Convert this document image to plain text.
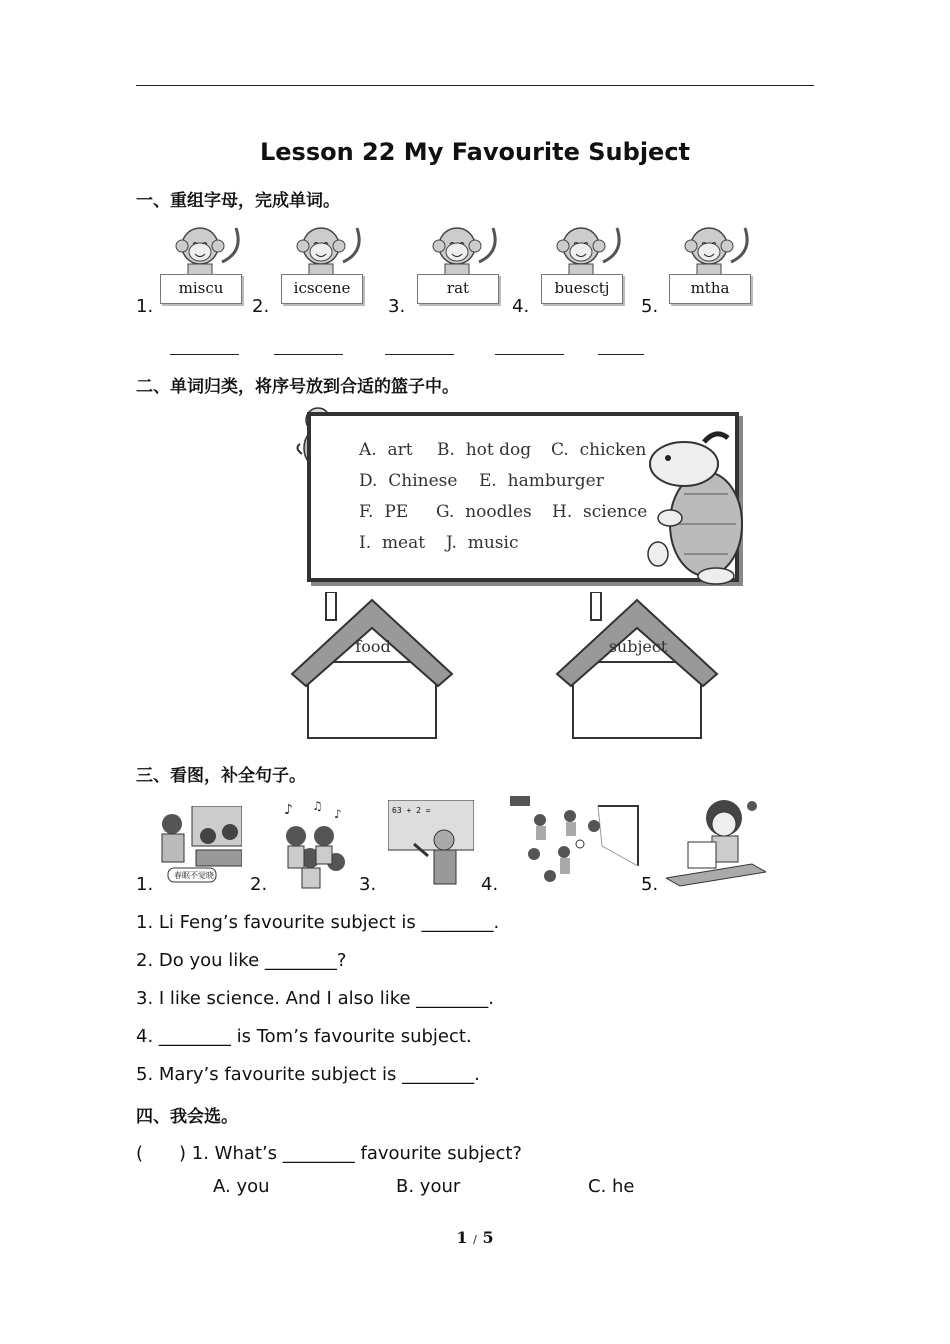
Lesson 22 My Favourite Subject
一、重组字母，完成单词。
1.	2.	3.	4.	5.
miscu	icscene	rat	buesctj	mtha
二、单词归类，将序号放到合适的篮子中。
A. art B. hot dog C. chicken
D. Chinese E. hamburger
F. PE G. noodles H. science
I. meat J. music
food	subject
三、看图，补全句子。
1.	2.	3.	4.	5.
春眠不觉晓
♪ ♫
♪	63 + 2 =
1. Li Feng’s favourite subject is ________.
2. Do you like ________?
3. I like science. And I also like ________.
4. ________ is Tom’s favourite subject.
5. Mary’s favourite subject is ________.
四、我会选。
(　　) 1. What’s ________ favourite subject?
A. you	B. your	C. he
1 / 5
